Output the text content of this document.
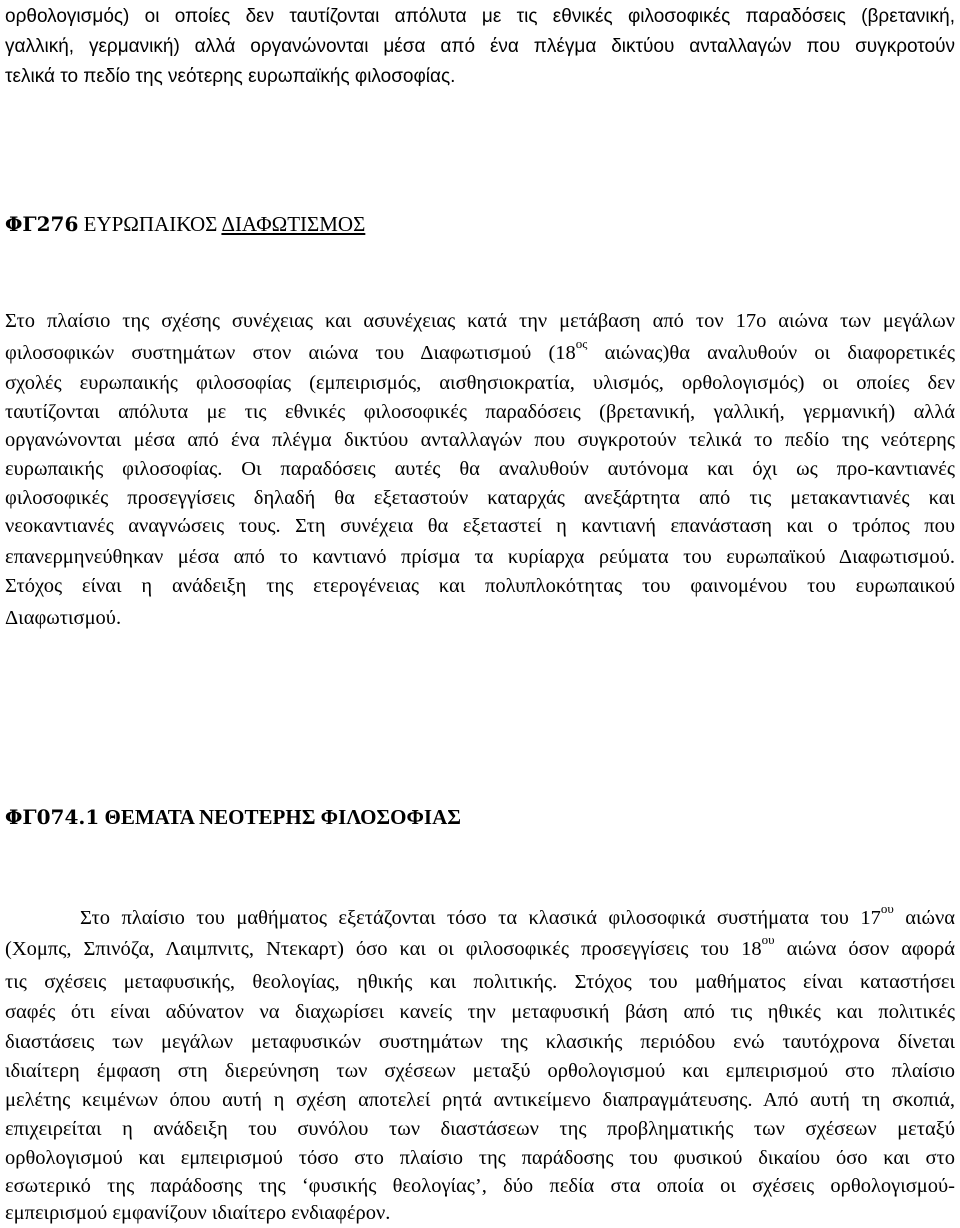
ορθολογισμός) οι οποίες δεν ταυτίζονται απόλυτα με τις εθνικές φιλοσοφικές παραδόσεις (βρετανική,

γαλλική, γερμανική) αλλά οργανώνονται μέσα από ένα πλέγμα δικτύου ανταλλαγών που συγκροτούν

τελικά το πεδίο της νεότερης ευρωπαϊκής φιλοσοφίας.

ΦΓ276 ΕΥΡΩΠΑΙΚΟΣ ΔΙΑΦΩΤΙΣΜΟΣ

Στο πλαίσιο της σχέσης συνέχειας και ασυνέχειας κατά την μετάβαση από τον 17ο αιώνα των μεγάλων

φιλοσοφικών συστημάτων στον αιώνα του Διαφωτισμού ($18^{o\varsigma}$ αιώνας)θα αναλυθούν οι διαφορετικές

σχολές ευρωπαικής φιλοσοφίας (εμπειρισμός, αισθησιοκρατία, υλισμός, ορθολογισμός) οι οποίες δεν

ταυτίζονται απόλυτα με τις εθνικές φιλοσοφικές παραδόσεις (βρετανική, γαλλική, γερμανική) αλλά

οργανώνονται μέσα από ένα πλέγμα δικτύου ανταλλαγών που συγκροτούν τελικά το πεδίο της νεότερης

ευρωπαικής φιλοσοφίας. Οι παραδόσεις αυτές θα αναλυθούν αυτόνομα και όχι ως προ-καντιανές

φιλοσοφικές προσεγγίσεις δηλαδή θα εξεταστούν καταρχάς ανεξάρτητα από τις μετακαντιανές και

νεοκαντιανές αναγνώσεις τους. Στη συνέχεια θα εξεταστεί η καντιανή επανάσταση και ο τρόπος που

επανερμηνεύθηκαν μέσα από το καντιανό πρίσμα τα κυρίαρχα ρεύματα του ευρωπαϊκού Διαφωτισμού.

Στόχος είναι η ανάδειξη της ετερογένειας και πολυπλοκότητας του φαινομένου του ευρωπαικού

Διαφωτισμού.

ΦΓ074.1 ΘΕΜΑΤΑ ΝΕΟΤΕΡΗΣ ΦΙΛΟΣΟΦΙΑΣ

Στο πλαίσιο του μαθήματος εξετάζονται τόσο τα κλασικά φιλοσοφικά συστήματα του $17^{o\upsilon}$ αιώνα

(Χομπς, Σπινόζα, Λαιμπνιτς, Ντεκαρτ) όσο και οι φιλοσοφικές προσεγγίσεις του $18^{o\upsilon}$ αιώνα όσον αφορά

τις σχέσεις μεταφυσικής, θεολογίας, ηθικής και πολιτικής. Στόχος του μαθήματος είναι καταστήσει

σαφές ότι είναι αδύνατον να διαχωρίσει κανείς την μεταφυσική βάση από τις ηθικές και πολιτικές

διαστάσεις των μεγάλων μεταφυσικών συστημάτων της κλασικής περιόδου ενώ ταυτόχρονα δίνεται

ιδιαίτερη έμφαση στη διερεύνηση των σχέσεων μεταξύ ορθολογισμού και εμπειρισμού στο πλαίσιο

μελέτης κειμένων όπου αυτή η σχέση αποτελεί ρητά αντικείμενο διαπραγμάτευσης. Από αυτή τη σκοπιά,

επιχειρείται η ανάδειξη του συνόλου των διαστάσεων της προβληματικής των σχέσεων μεταξύ

ορθολογισμού και εμπειρισμού τόσο στο πλαίσιο της παράδοσης του φυσικού δικαίου όσο και στο

εσωτερικό της παράδοσης της ‘φυσικής θεολογίας’, δύο πεδία στα οποία οι σχέσεις ορθολογισμού-

εμπειρισμού εμφανίζουν ιδιαίτερο ενδιαφέρον.
